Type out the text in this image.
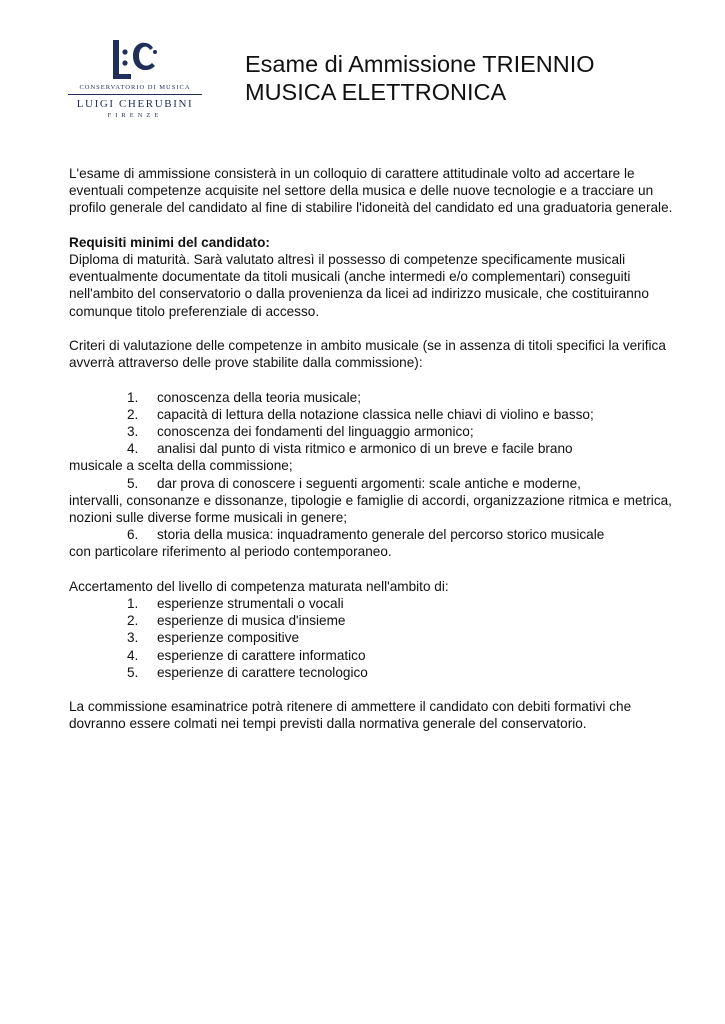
CONSERVATORIO DI MUSICA
LUIGI CHERUBINI
FIRENZE
Esame di Ammissione TRIENNIO
MUSICA ELETTRONICA

L'esame di ammissione consisterà in un colloquio di carattere attitudinale volto ad accertare le eventuali competenze acquisite nel settore della musica e delle nuove tecnologie e a tracciare un profilo generale del candidato al fine di stabilire l'idoneità del candidato ed una graduatoria generale.

Requisiti minimi del candidato:

Diploma di maturità. Sarà valutato altresì il possesso di competenze specificamente musicali eventualmente documentate da titoli musicali (anche intermedi e/o complementari) conseguiti nell'ambito del conservatorio o dalla provenienza da licei ad indirizzo musicale, che costituiranno comunque titolo preferenziale di accesso.

Criteri di valutazione delle competenze in ambito musicale (se in assenza di titoli specifici la verifica avverrà attraverso delle prove stabilite dalla commissione):

1. conoscenza della teoria musicale;

2. capacità di lettura della notazione classica nelle chiavi di violino e basso;

3. conoscenza dei fondamenti del linguaggio armonico;

4. analisi dal punto di vista ritmico e armonico di un breve e facile brano
musicale a scelta della commissione;

5. dar prova di conoscere i seguenti argomenti: scale antiche e moderne,
intervalli, consonanze e dissonanze, tipologie e famiglie di accordi, organizzazione ritmica e metrica, nozioni sulle diverse forme musicali in genere;

6. storia della musica: inquadramento generale del percorso storico musicale
con particolare riferimento al periodo contemporaneo.

Accertamento del livello di competenza maturata nell'ambito di:

1. esperienze strumentali o vocali

2. esperienze di musica d'insieme

3. esperienze compositive

4. esperienze di carattere informatico

5. esperienze di carattere tecnologico

La commissione esaminatrice potrà ritenere di ammettere il candidato con debiti formativi che dovranno essere colmati nei tempi previsti dalla normativa generale del conservatorio.
